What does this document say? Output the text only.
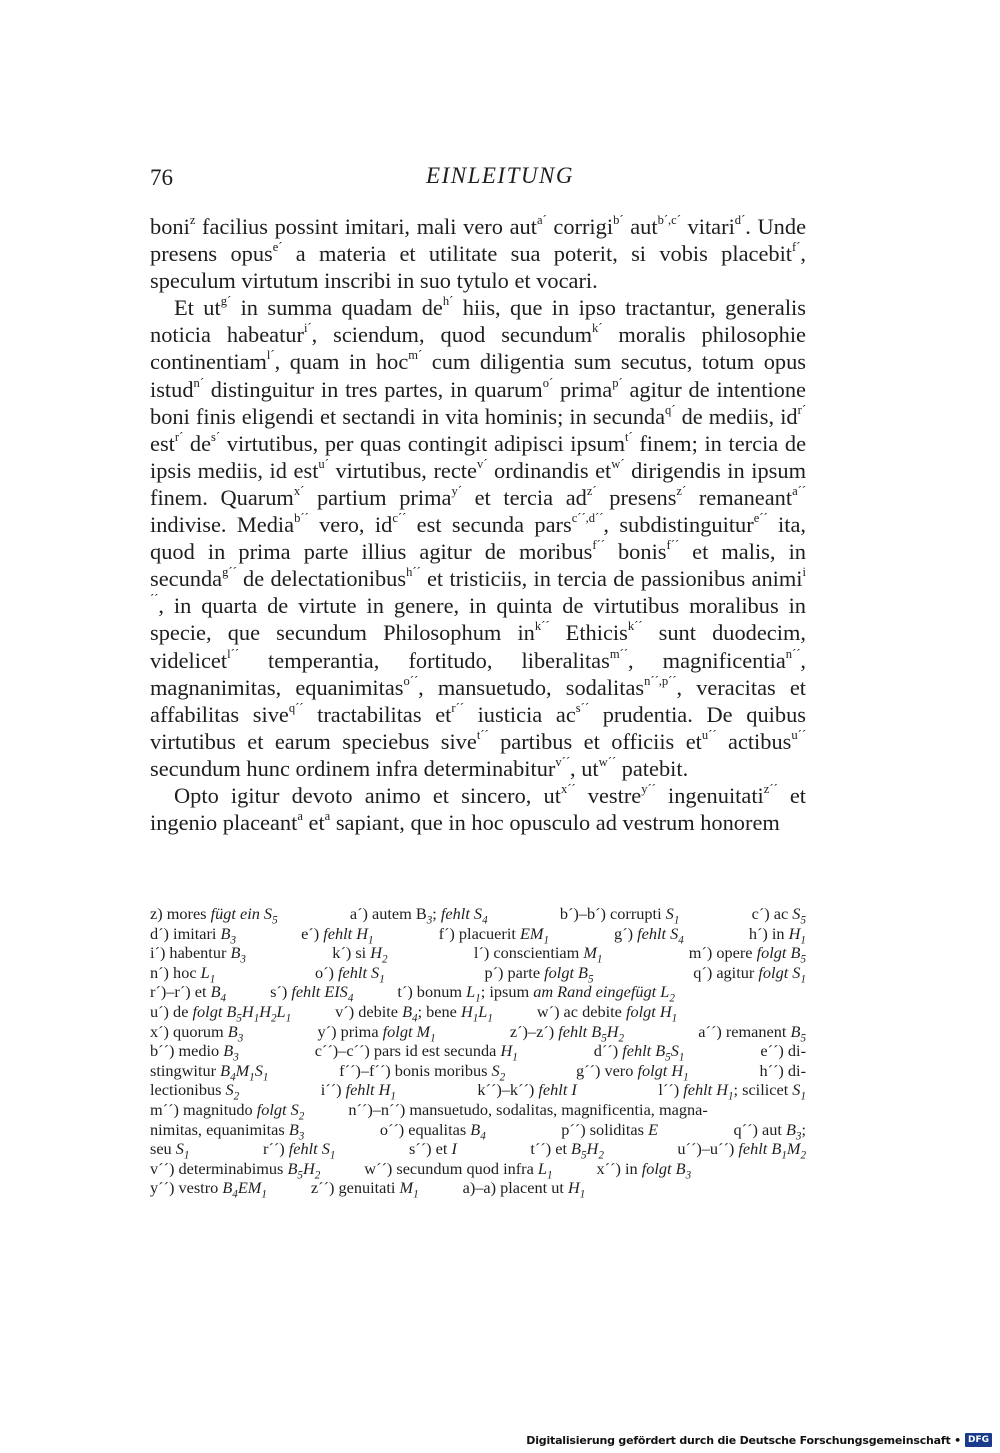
76	EINLEITUNG

boni$^z$ facilius possint imitari, mali vero aut$^{a´}$ corrigi$^{b´}$ aut$^{b´,c´}$ vitari$^{d´}$. Unde presens opus$^{e´}$ a materia et utilitate sua poterit, si vobis placebit$^{f´}$, speculum virtutum inscribi in suo tytulo et vocari.

Et $ut^{g´}$ in summa quadam $de^{h´}$ hiis, que in ipso tractantur, generalis noticia habeatur$^{i´}$, sciendum, quod secundum$^{k´}$ moralis philosophie continentiam$^{l´}$, quam in hoc$^{m´}$ cum diligentia sum secutus, totum opus istud$^{n´}$ distinguitur in tres partes, in quarum$^{o´}$ prima$^{p´}$ agitur de intentione boni finis eligendi et sectandi in vita hominis; in secunda$^{q´}$ de mediis, $id^{r´}$ est$^{r´}$ $de^{s´}$ virtutibus, per quas contingit adipisci ipsum$^{t´}$ finem; in tercia de ipsis mediis, id est$^{u´}$ virtutibus, recte$^{v´}$ ordinandis $et^{w´}$ dirigendis in ipsum finem. Quarum$^{x´}$ partium prima$^{y´}$ et tercia $ad^{z´}$ presens$^{z´}$ remaneant$^{a´´}$ indivise. Media$^{b´´}$ vero, $id^{c´´}$ est secunda pars$^{c´´,d´´}$, subdistinguitur$^{e´´}$ ita, quod in prima parte illius agitur de moribus$^{f´´}$ bonis$^{f´´}$ et malis, in secunda$^{g´´}$ de delectationibus$^{h´´}$ et tristiciis, in tercia de passionibus animi$^{i´´}$, in quarta de virtute in genere, in quinta de virtutibus moralibus in specie, que secundum Philosophum $in^{k´´}$ Ethicis$^{k´´}$ sunt duodecim, videlicet$^{l´´}$ temperantia, fortitudo, liberalitas$^{m´´}$, magnificentia$^{n´´}$, magnanimitas, equanimitas$^{o´´}$, mansuetudo, sodalitas$^{n´´,p´´}$, veracitas et affabilitas sive$^{q´´}$ tractabilitas $et^{r´´}$ iusticia $ac^{s´´}$ prudentia. De quibus virtutibus et earum speciebus sive$^{t´´}$ partibus et officiis $et^{u´´}$ actibus$^{u´´}$ secundum hunc ordinem infra determinabitur$^{v´´}$, $ut^{w´´}$ patebit.

Opto igitur devoto animo et sincero, $ut^{x´´}$ vestre$^{y´´}$ ingenuitati$^{z´´}$ et ingenio placeant$^a$ $et^a$ sapiant, que in hoc opusculo ad vestrum honorem

z) mores fügt ein $S_5$	a´) autem $B_3$; fehlt $S_4$	b´)–b´) corrupti $S_1$	c´) ac $S_5$
d´) imitari $B_3$	e´) fehlt $H_1$	f´) placuerit $EM_1$	g´) fehlt $S_4$	h´) in $H_1$
i´) habentur $B_3$	k´) si $H_2$	l´) conscientiam $M_1$	m´) opere folgt $B_5$
n´) hoc $L_1$	o´) fehlt $S_1$	p´) parte folgt $B_5$	q´) agitur folgt $S_1$
r´)–r´) et $B_4$	s´) fehlt $EIS_4$	t´) bonum $L_1$; ipsum am Rand eingefügt $L_2$
u´) de folgt $B_5H_1H_2L_1$	v´) debite $B_4$; bene $H_1L_1$	w´) ac debite folgt $H_1$
x´) quorum $B_3$	y´) prima folgt $M_1$	z´)–z´) fehlt $B_5H_2$	a´´) remanent $B_5$
b´´) medio $B_3$	c´´)–c´´) pars id est secunda $H_1$	d´´) fehlt $B_5S_1$	e´´) di-
stingwitur $B_4M_1S_1$	f´´)–f´´) bonis moribus $S_2$	g´´) vero folgt $H_1$	h´´) di-
lectionibus $S_2$	i´´) fehlt $H_1$	k´´)–k´´) fehlt I	l´´) fehlt $H_1$; scilicet $S_1$
m´´) magnitudo folgt $S_2$	n´´)–n´´) mansuetudo, sodalitas, magnificentia, magna-
nimitas, equanimitas $B_3$	o´´) equalitas $B_4$	p´´) soliditas E	q´´) aut $B_3$;
seu $S_1$	r´´) fehlt $S_1$	s´´) et I	t´´) et $B_5H_2$	u´´)–u´´) fehlt $B_1M_2$
v´´) determinabimus $B_5H_2$	w´´) secundum quod infra $L_1$	x´´) in folgt $B_3$
y´´) vestro $B_4EM_1$	z´´) genuitati $M_1$	a)–a) placent ut $H_1$
Digitalisierung gefördert durch die Deutsche Forschungsgemeinschaft • DFG
